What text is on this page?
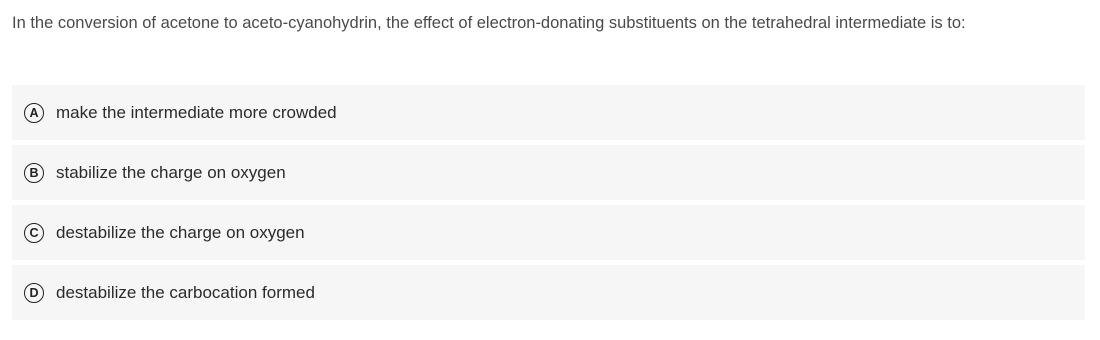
In the conversion of acetone to aceto-cyanohydrin, the effect of electron-donating substituents on the tetrahedral intermediate is to:
A	make the intermediate more crowded
B	stabilize the charge on oxygen
C	destabilize the charge on oxygen
D	destabilize the carbocation formed
